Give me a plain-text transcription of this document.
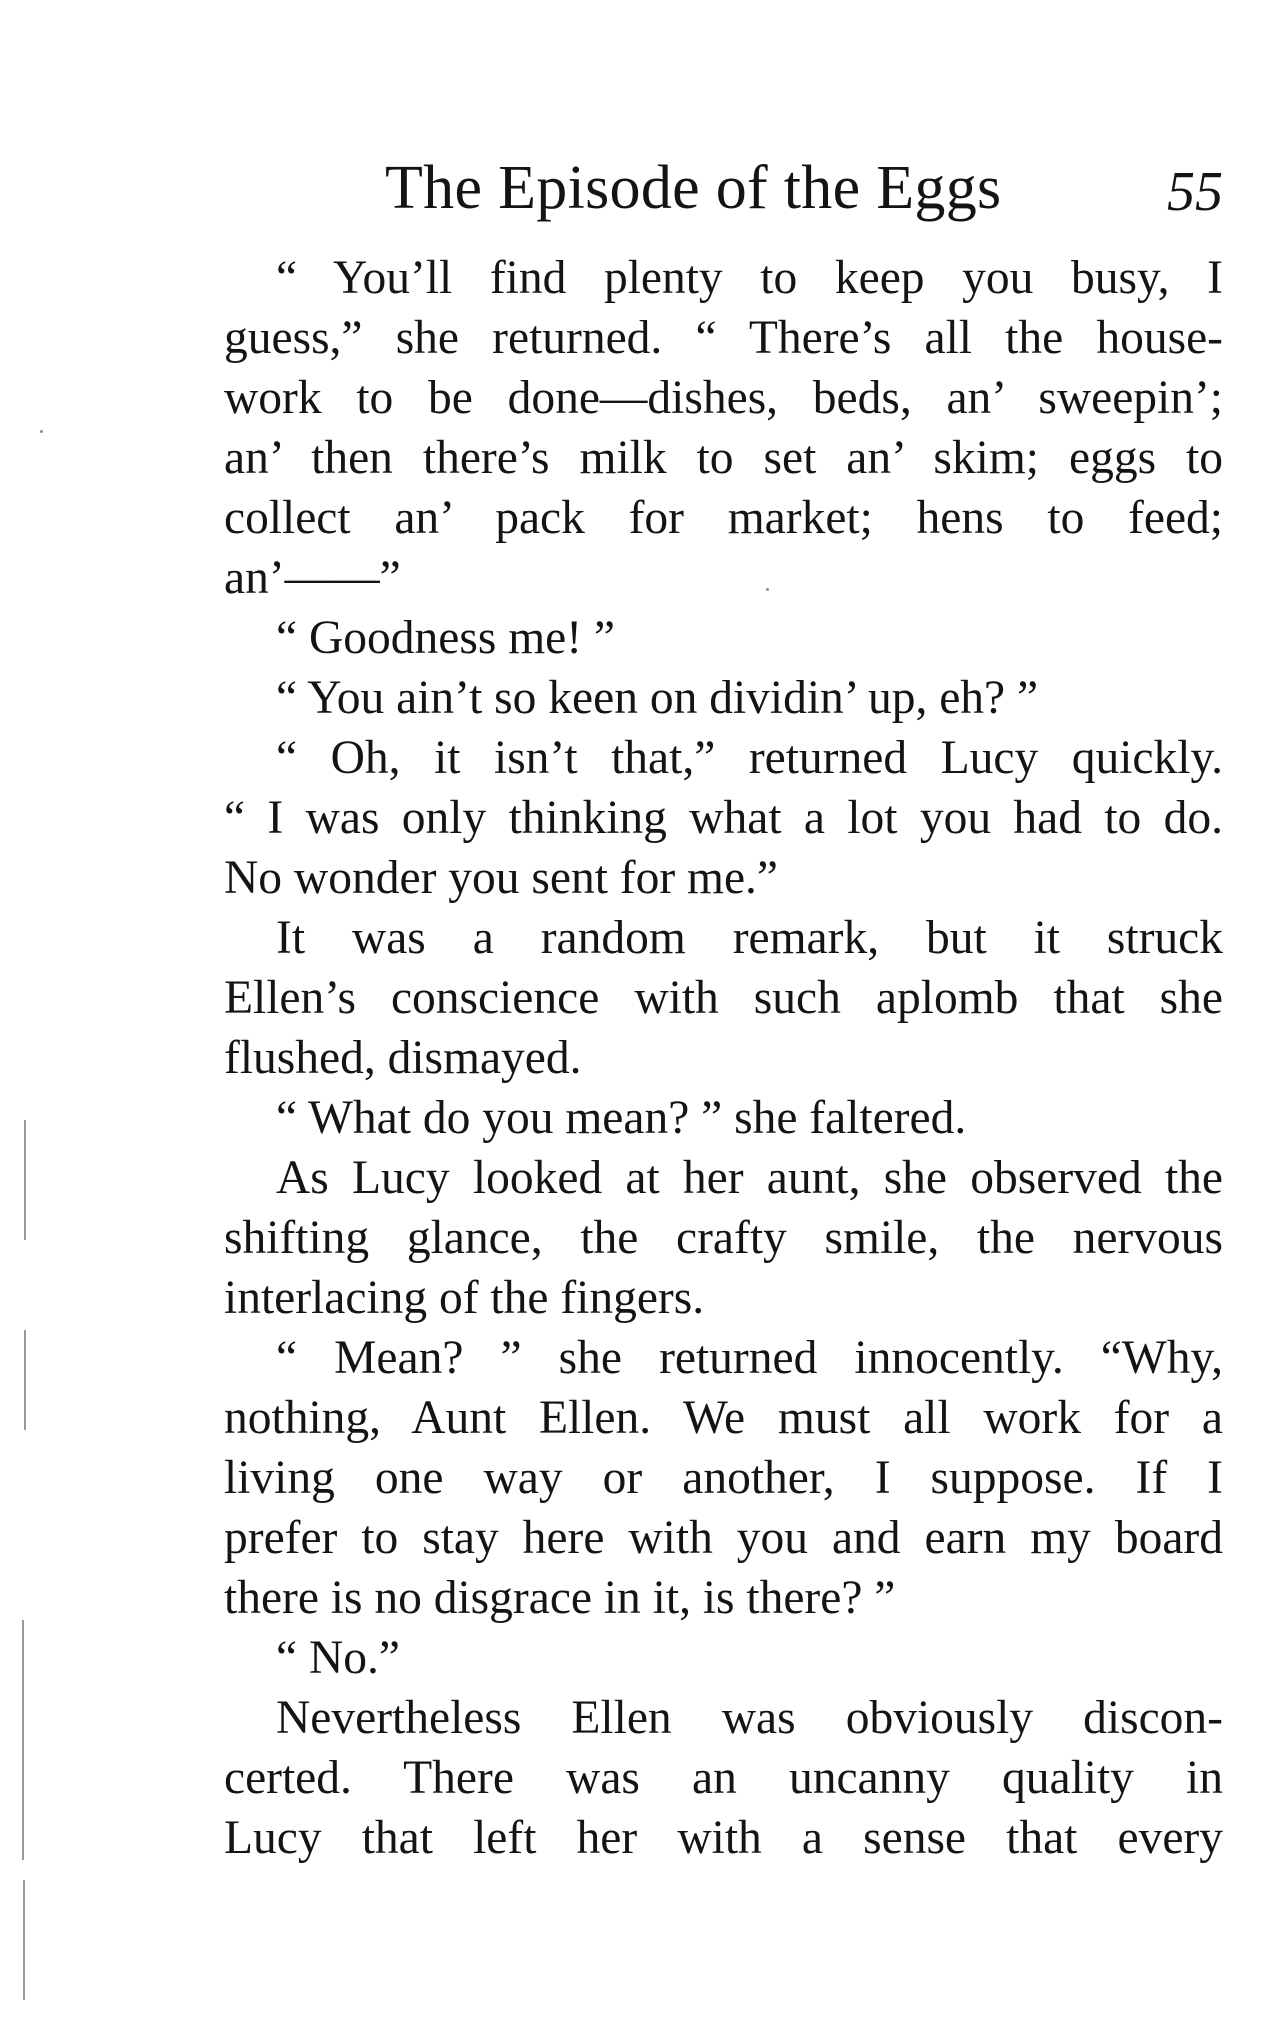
The Episode of the Eggs	55
“ You’ll find plenty to keep you busy, I
guess,” she returned. “ There’s all the house-
work to be done—dishes, beds, an’ sweepin’;
an’ then there’s milk to set an’ skim; eggs to
collect an’ pack for market; hens to feed;
an’——”
“ Goodness me! ”
“ You ain’t so keen on dividin’ up, eh? ”
“ Oh, it isn’t that,” returned Lucy quickly.
“ I was only thinking what a lot you had to do.
No wonder you sent for me.”
It was a random remark, but it struck
Ellen’s conscience with such aplomb that she
flushed, dismayed.
“ What do you mean? ” she faltered.
As Lucy looked at her aunt, she observed the
shifting glance, the crafty smile, the nervous
interlacing of the fingers.
“ Mean? ” she returned innocently. “Why,
nothing, Aunt Ellen. We must all work for a
living one way or another, I suppose. If I
prefer to stay here with you and earn my board
there is no disgrace in it, is there? ”
“ No.”
Nevertheless Ellen was obviously discon-
certed. There was an uncanny quality in
Lucy that left her with a sense that every
